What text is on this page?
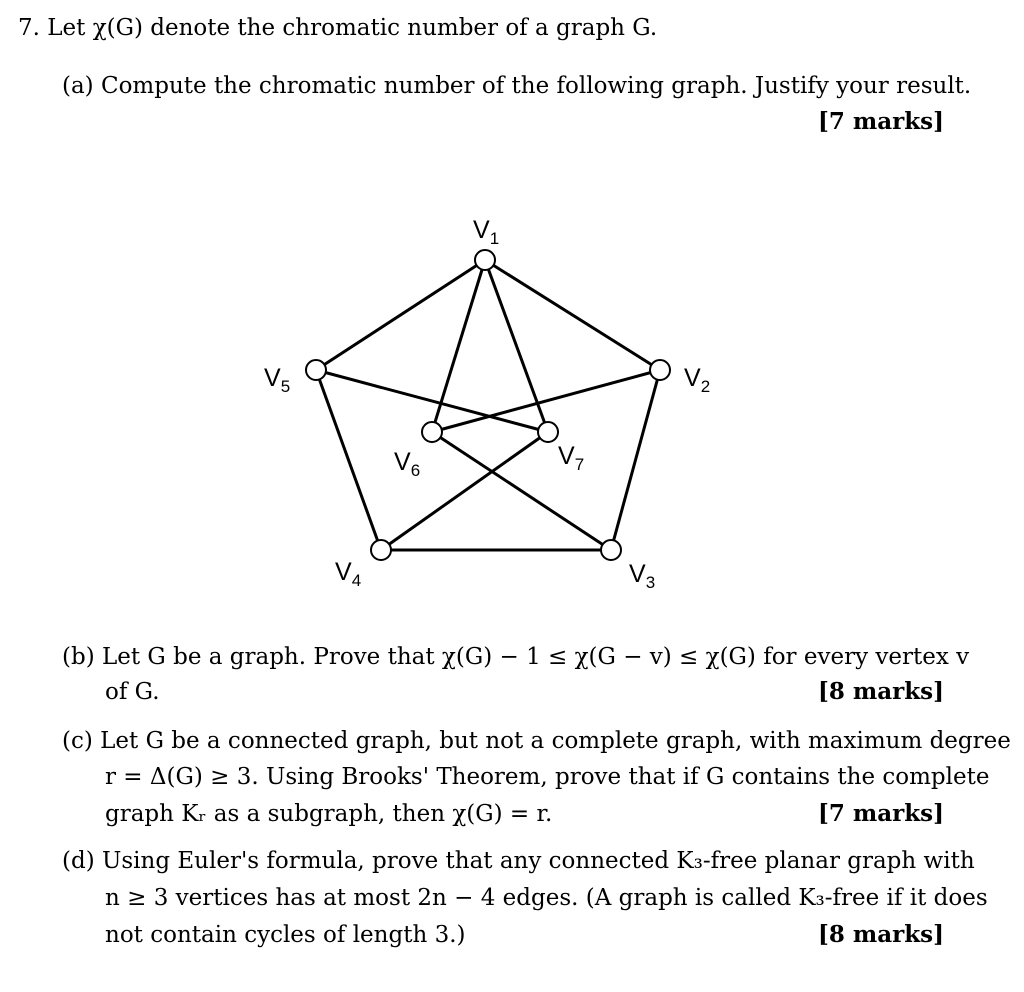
7. Let χ(G) denote the chromatic number of a graph G.
(a) Compute the chromatic number of the following graph. Justify your result.
[7 marks]
$V_1$
$V_2$
$V_3$
$V_4$
$V_5$
$V_6$
$V_7$
(b) Let G be a graph. Prove that χ(G) − 1 ≤ χ(G − v) ≤ χ(G) for every vertex v
of G.	[8 marks]
(c) Let G be a connected graph, but not a complete graph, with maximum degree
r = Δ(G) ≥ 3. Using Brooks' Theorem, prove that if G contains the complete
graph Kᵣ as a subgraph, then χ(G) = r.	[7 marks]
(d) Using Euler's formula, prove that any connected K₃-free planar graph with
n ≥ 3 vertices has at most 2n − 4 edges. (A graph is called K₃-free if it does
not contain cycles of length 3.)	[8 marks]
